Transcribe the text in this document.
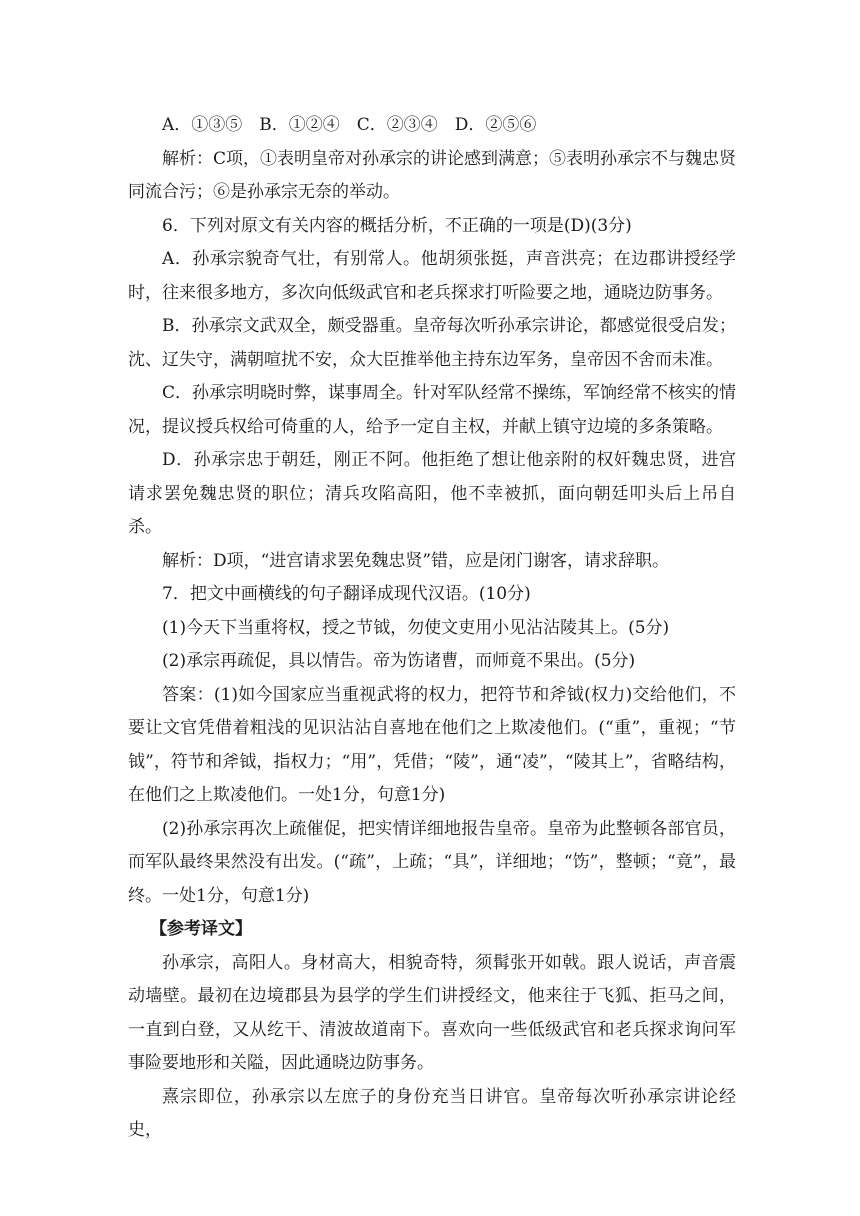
A．①③⑤　B．①②④　C．②③④　D．②⑤⑥

解析：C项，①表明皇帝对孙承宗的讲论感到满意；⑤表明孙承宗不与魏忠贤同流合污；⑥是孙承宗无奈的举动。

6．下列对原文有关内容的概括分析，不正确的一项是(D)(3分)

A．孙承宗貌奇气壮，有别常人。他胡须张挺，声音洪亮；在边郡讲授经学时，往来很多地方，多次向低级武官和老兵探求打听险要之地，通晓边防事务。

B．孙承宗文武双全，颇受器重。皇帝每次听孙承宗讲论，都感觉很受启发；沈、辽失守，满朝喧扰不安，众大臣推举他主持东边军务，皇帝因不舍而未准。

C．孙承宗明晓时弊，谋事周全。针对军队经常不操练，军饷经常不核实的情况，提议授兵权给可倚重的人，给予一定自主权，并献上镇守边境的多条策略。

D．孙承宗忠于朝廷，刚正不阿。他拒绝了想让他亲附的权奸魏忠贤，进宫请求罢免魏忠贤的职位；清兵攻陷高阳，他不幸被抓，面向朝廷叩头后上吊自杀。

解析：D项，“进宫请求罢免魏忠贤”错，应是闭门谢客，请求辞职。

7．把文中画横线的句子翻译成现代汉语。(10分)

(1)今天下当重将权，授之节钺，勿使文吏用小见沾沾陵其上。(5分)

(2)承宗再疏促，具以情告。帝为饬诸曹，而师竟不果出。(5分)

答案：(1)如今国家应当重视武将的权力，把符节和斧钺(权力)交给他们，不要让文官凭借着粗浅的见识沾沾自喜地在他们之上欺凌他们。(“重”，重视；“节钺”，符节和斧钺，指权力；“用”，凭借；“陵”，通“凌”，“陵其上”，省略结构，在他们之上欺凌他们。一处1分，句意1分)

(2)孙承宗再次上疏催促，把实情详细地报告皇帝。皇帝为此整顿各部官员，而军队最终果然没有出发。(“疏”，上疏；“具”，详细地；“饬”，整顿；“竟”，最终。一处1分，句意1分)

【参考译文】

孙承宗，高阳人。身材高大，相貌奇特，须髯张开如戟。跟人说话，声音震动墙壁。最初在边境郡县为县学的学生们讲授经文，他来往于飞狐、拒马之间，一直到白登，又从纥干、清波故道南下。喜欢向一些低级武官和老兵探求询问军事险要地形和关隘，因此通晓边防事务。

熹宗即位，孙承宗以左庶子的身份充当日讲官。皇帝每次听孙承宗讲论经史，
